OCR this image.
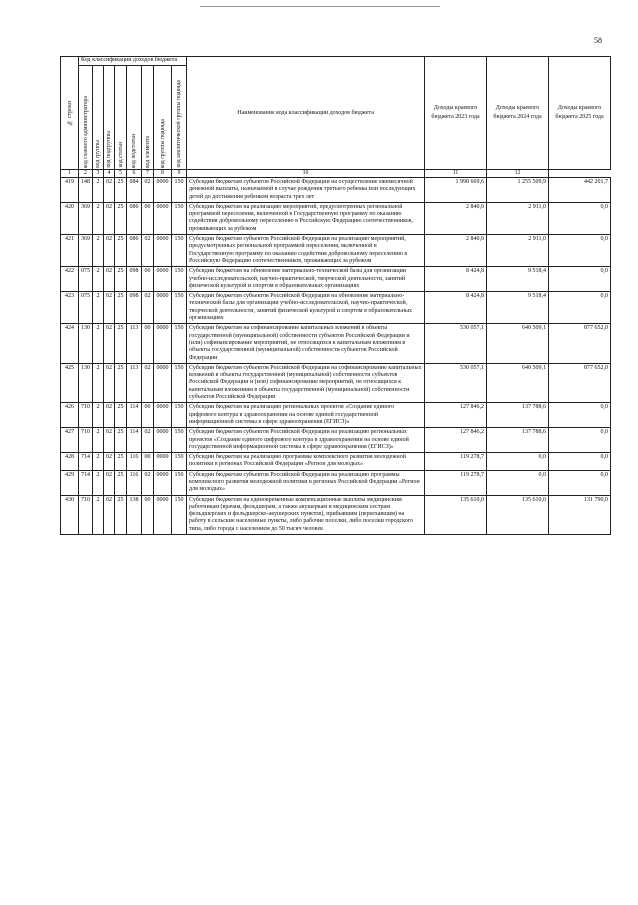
58
№ строки	Код классификации доходов бюджета								Наименование кода классификации доходов бюджета	Доходы краевого бюджета 2023 года	Доходы краевого бюджета 2024 года	Доходы краевого бюджета 2025 года

	код главного администратора	код группы	код подгруппы	код статьи	код подстатьи	код элемента	код группы подвида	код аналитической группы подвида				

1	2	3	4	5	6	7	8	9	10	11	12	
419	148	2	02	25	084	02	0000	150	Субсидии бюджетам субъектов Российской Федерации на осуществление ежемесячной денежной выплаты, назначаемой в случае рождения третьего ребенка или последующих детей до достижения ребенком возраста трех лет	1 998 669,6	1 255 509,9	442 201,7
420	369	2	02	25	086	00	0000	150	Субсидии бюджетам на реализацию мероприятий, предусмотренных региональной программой переселения, включенной в Государственную программу по оказанию содействия добровольному переселению в Российскую Федерацию соотечественников, проживающих за рубежом	2 840,0	2 911,0	0,0
421	369	2	02	25	086	02	0000	150	Субсидии бюджетам субъектов Российской Федерации на реализацию мероприятий, предусмотренных региональной программой переселения, включенной в Государственную программу по оказанию содействия добровольному переселению в Российскую Федерацию соотечественников, проживающих за рубежом	2 840,0	2 911,0	0,0
422	075	2	02	25	098	00	0000	150	Субсидии бюджетам на обновление материально-технической базы для организации учебно-исследовательской, научно-практической, творческой деятельности, занятий физической культурой и спортом в образовательных организациях	8 424,8	9 518,4	0,0
423	075	2	02	25	098	02	0000	150	Субсидии бюджетам субъектов Российской Федерации на обновление материально-технической базы для организации учебно-исследовательской, научно-практической, творческой деятельности, занятий физической культурой и спортом в образовательных организациях	8 424,8	9 518,4	0,0
424	130	2	02	25	113	00	0000	150	Субсидии бюджетам на софинансирование капитальных вложений в объекты государственной (муниципальной) собственности субъектов Российской Федерации и (или) софинансирование мероприятий, не относящихся к капитальным вложениям в объекты государственной (муниципальной) собственности субъектов Российской Федерации	530 057,1	640 509,1	877 652,0
425	130	2	02	25	113	02	0000	150	Субсидии бюджетам субъектов Российской Федерации на софинансирование капитальных вложений в объекты государственной (муниципальной) собственности субъектов Российской Федерации и (или) софинансирование мероприятий, не относящихся к капитальным вложениям в объекты государственной (муниципальной) собственности субъектов Российской Федерации	530 057,1	640 509,1	877 652,0
426	710	2	02	25	114	00	0000	150	Субсидии бюджетам на реализацию региональных проектов «Создание единого цифрового контура в здравоохранении на основе единой государственной информационной системы в сфере здравоохранения (ЕГИСЗ)»	127 846,2	137 788,6	0,0
427	710	2	02	25	114	02	0000	150	Субсидии бюджетам субъектов Российской Федерации на реализацию региональных проектов «Создание единого цифрового контура в здравоохранении на основе единой государственной информационной системы в сфере здравоохранения (ЕГИСЗ)»	127 846,2	137 788,6	0,0
428	714	2	02	25	116	00	0000	150	Субсидии бюджетам на реализацию программы комплексного развития молодежной политики в регионах Российской Федерации «Регион для молодых»	119 278,7	0,0	0,0
429	714	2	02	25	116	02	0000	150	Субсидии бюджетам субъектов Российской Федерации на реализацию программы комплексного развития молодежной политики в регионах Российской Федерации «Регион для молодых»	119 278,7	0,0	0,0
430	710	2	02	25	138	00	0000	150	Субсидии бюджетам на единовременные компенсационные выплаты медицинским работникам (врачам, фельдшерам, а также акушеркам и медицинским сестрам фельдшерских и фельдшерско-акушерских пунктов), прибывшим (переехавшим) на работу в сельские населенные пункты, либо рабочие поселки, либо поселки городского типа, либо города с населением до 50 тысяч человек	135 610,0	135 610,0	131 790,0
